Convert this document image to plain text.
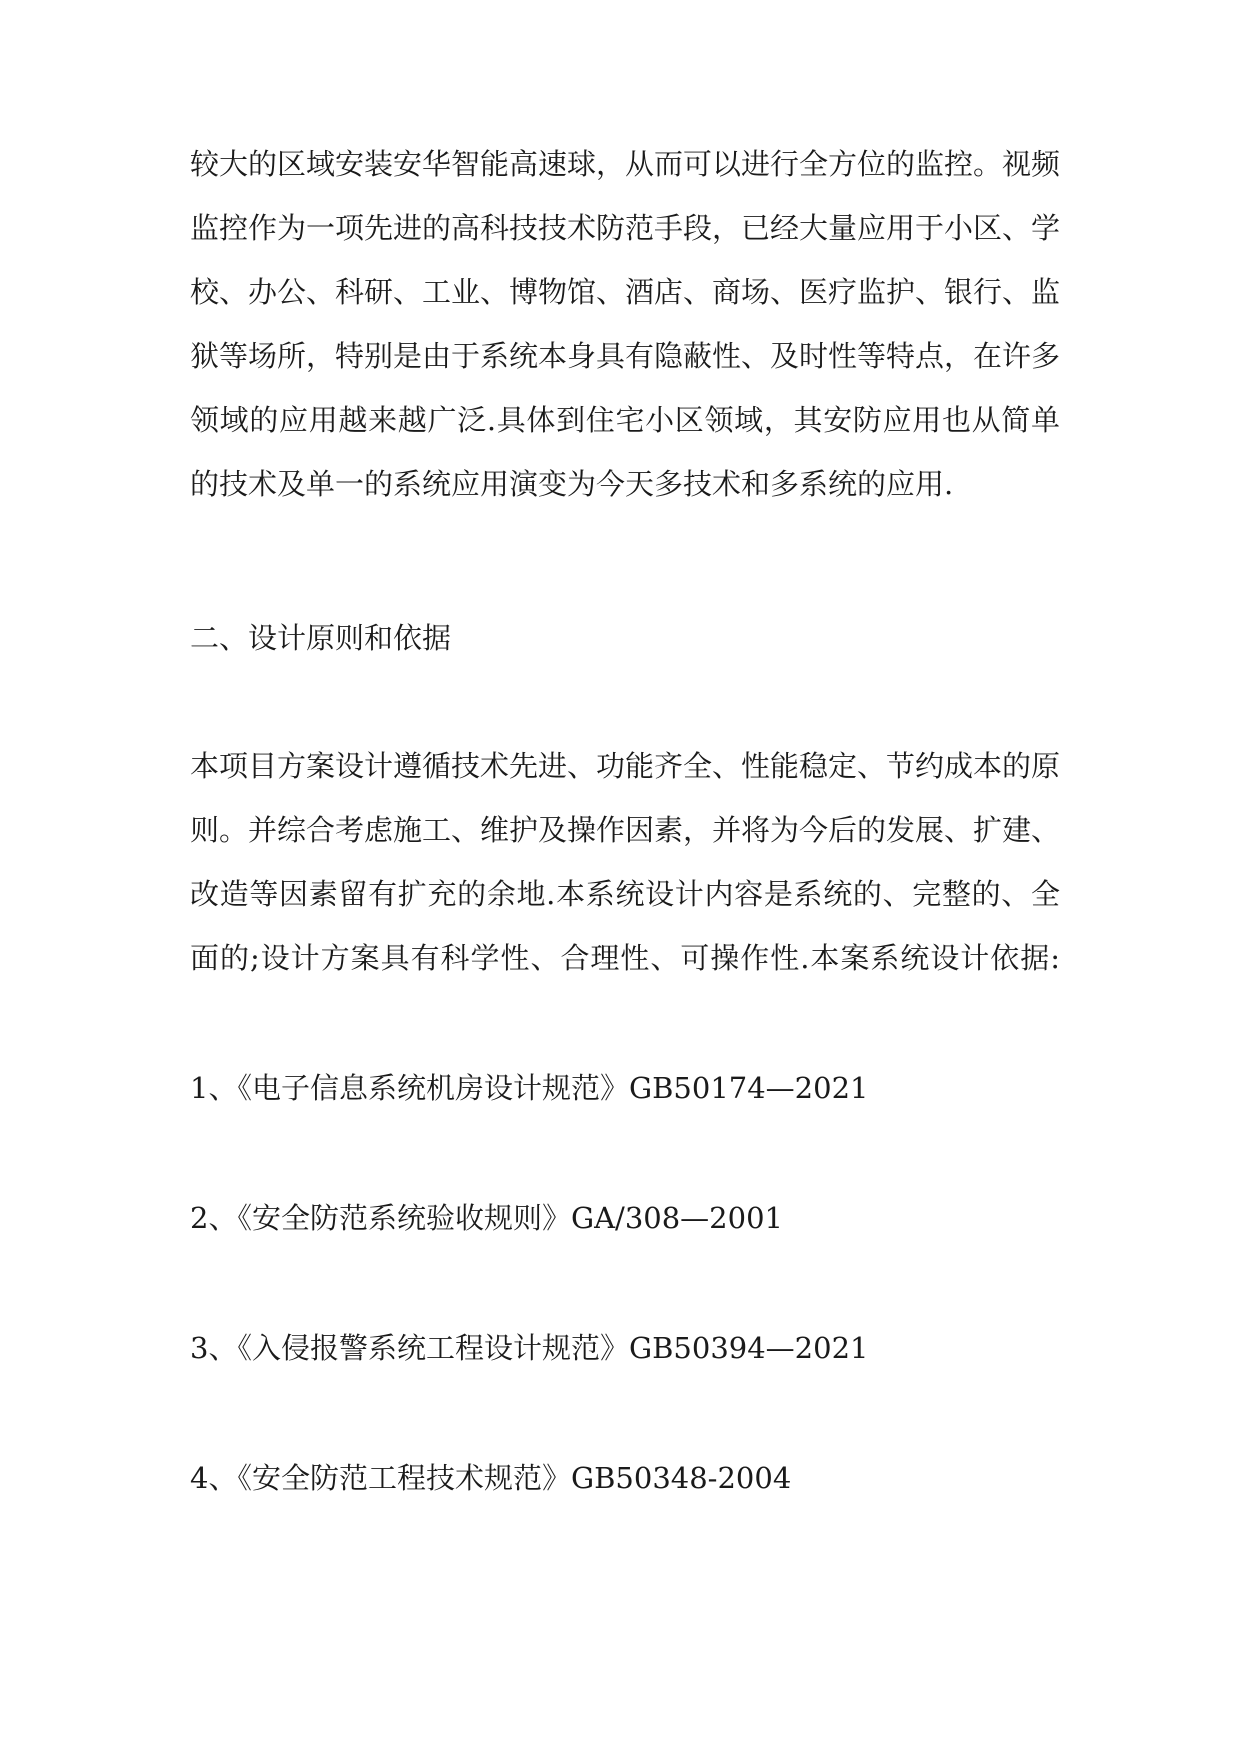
较大的区域安装安华智能高速球，从而可以进行全方位的监控。视频
监控作为一项先进的高科技技术防范手段，已经大量应用于小区、学
校、办公、科研、工业、博物馆、酒店、商场、医疗监护、银行、监
狱等场所，特别是由于系统本身具有隐蔽性、及时性等特点，在许多
领域的应用越来越广泛.具体到住宅小区领域，其安防应用也从简单
的技术及单一的系统应用演变为今天多技术和多系统的应用.
二、设计原则和依据
本项目方案设计遵循技术先进、功能齐全、性能稳定、节约成本的原
则。并综合考虑施工、维护及操作因素，并将为今后的发展、扩建、
改造等因素留有扩充的余地.本系统设计内容是系统的、完整的、全
面的;设计方案具有科学性、合理性、可操作性.本案系统设计依据:
1、《电子信息系统机房设计规范》GB50174—2021
2、《安全防范系统验收规则》GA/308—2001
3、《入侵报警系统工程设计规范》GB50394—2021
4、《安全防范工程技术规范》GB50348-2004
